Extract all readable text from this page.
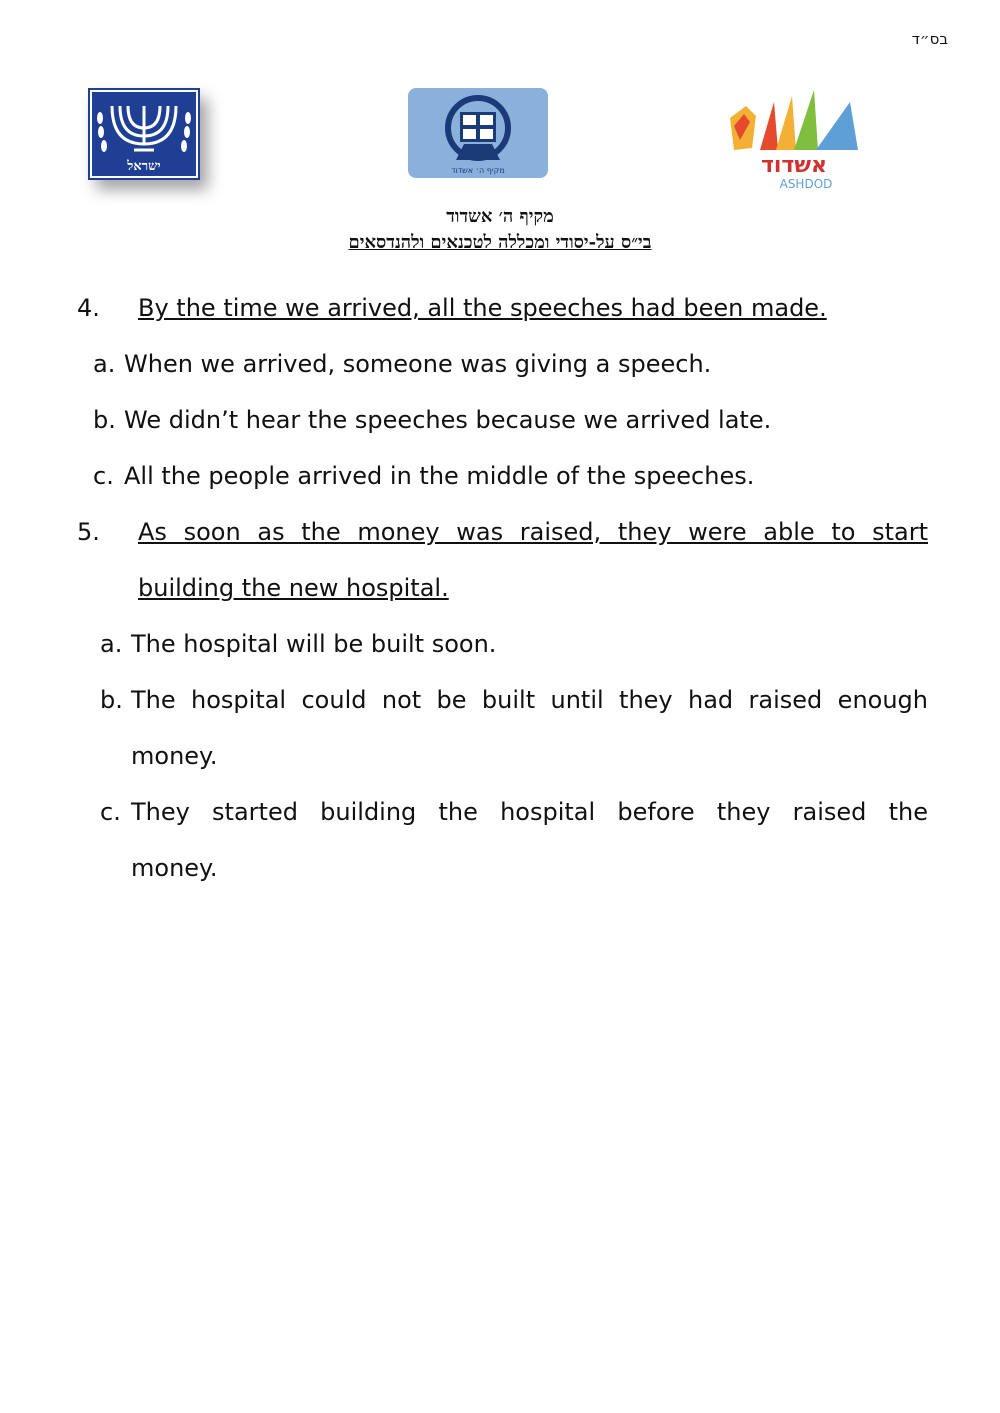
בס״ד
ישראל	מקיף ה׳ אשדוד	אשדוד
ASHDOD
מקיף ה׳ אשדוד
בי״ס על-יסודי ומכללה לטכנאים ולהנדסאים
4. By the time we arrived, all the speeches had been made.
a. When we arrived, someone was giving a speech.
b. We didn’t hear the speeches because we arrived late.
c. All the people arrived in the middle of the speeches.
5. As soon as the money was raised, they were able to start
building the new hospital.
a. The hospital will be built soon.
b. The hospital could not be built until they had raised enough
money.
c. They started building the hospital before they raised the
money.
